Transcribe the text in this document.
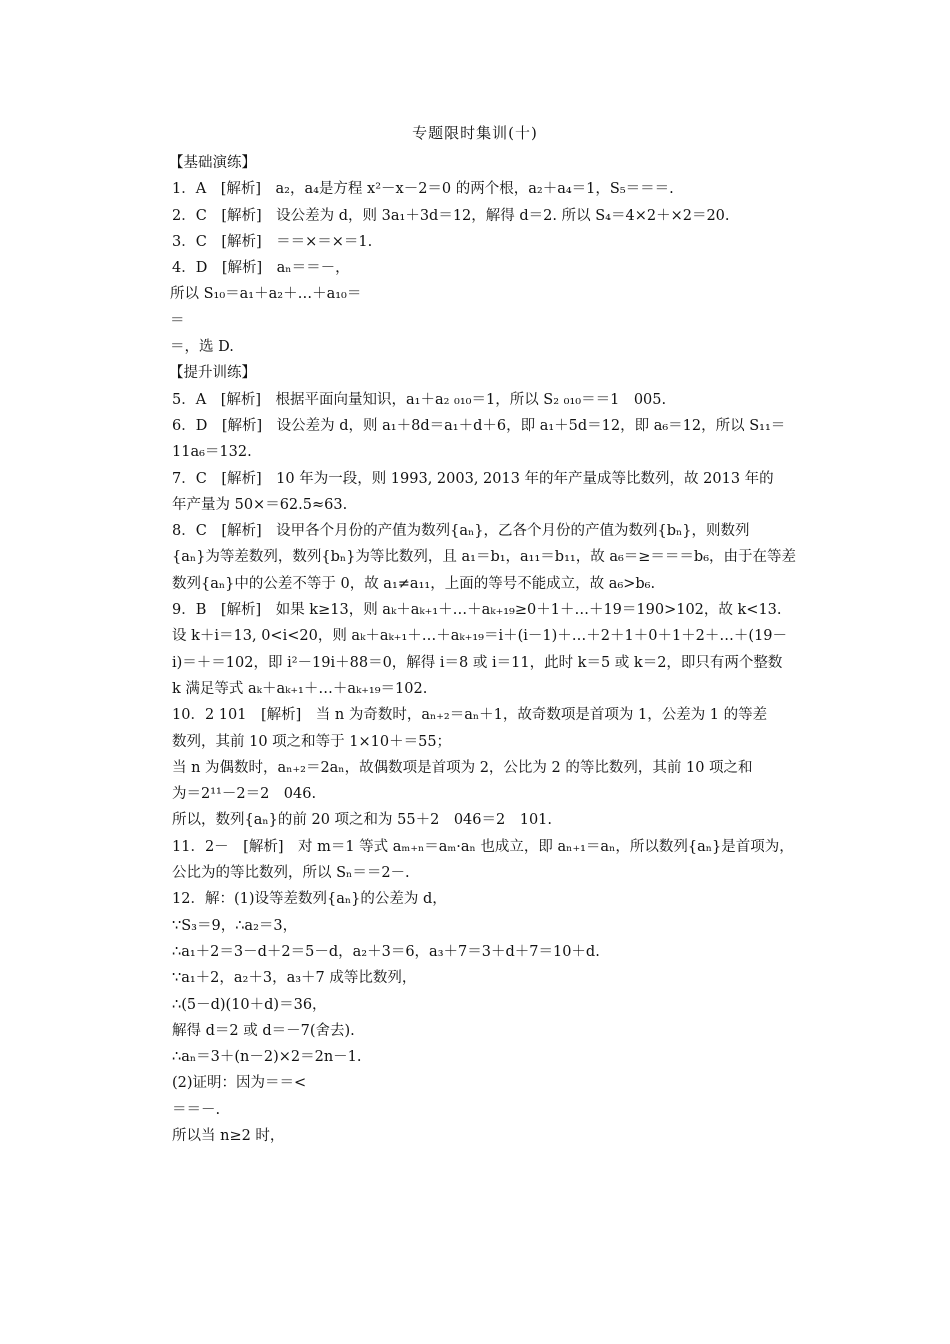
专题限时集训(十)
【基础演练】
1．A　[解析]　a₂，a₄是方程 x²－x－2＝0 的两个根，a₂＋a₄＝1，S₅＝＝＝.
2．C　[解析]　设公差为 d，则 3a₁＋3d＝12，解得 d＝2. 所以 S₄＝4×2＋×2＝20.
3．C　[解析]　＝＝×＝×＝1.
4．D　[解析]　aₙ＝＝－，
所以 S₁₀＝a₁＋a₂＋…＋a₁₀＝
＝
＝，选 D.
【提升训练】
5．A　[解析]　根据平面向量知识，a₁＋a₂ ₀₁₀＝1，所以 S₂ ₀₁₀＝＝1　005.
6．D　[解析]　设公差为 d，则 a₁＋8d＝a₁＋d＋6，即 a₁＋5d＝12，即 a₆＝12，所以 S₁₁＝
11a₆＝132.
7．C　[解析]　10 年为一段，则 1993, 2003, 2013 年的年产量成等比数列，故 2013 年的
年产量为 50×＝62.5≈63.
8．C　[解析]　设甲各个月份的产值为数列{aₙ}，乙各个月份的产值为数列{bₙ}，则数列
{aₙ}为等差数列，数列{bₙ}为等比数列，且 a₁＝b₁，a₁₁＝b₁₁，故 a₆＝≥＝＝＝b₆，由于在等差
数列{aₙ}中的公差不等于 0，故 a₁≠a₁₁，上面的等号不能成立，故 a₆>b₆.
9．B　[解析]　如果 k≥13，则 aₖ＋aₖ₊₁＋…＋aₖ₊₁₉≥0＋1＋…＋19＝190>102，故 k<13.
设 k＋i＝13, 0<i<20，则 aₖ＋aₖ₊₁＋…＋aₖ₊₁₉＝i＋(i－1)＋…＋2＋1＋0＋1＋2＋…＋(19－
i)＝＋＝102，即 i²－19i＋88＝0，解得 i＝8 或 i＝11，此时 k＝5 或 k＝2，即只有两个整数
k 满足等式 aₖ＋aₖ₊₁＋…＋aₖ₊₁₉＝102.
10．2 101　[解析]　当 n 为奇数时，aₙ₊₂＝aₙ＋1，故奇数项是首项为 1，公差为 1 的等差
数列，其前 10 项之和等于 1×10＋＝55；
当 n 为偶数时，aₙ₊₂＝2aₙ，故偶数项是首项为 2，公比为 2 的等比数列，其前 10 项之和
为＝2¹¹－2＝2　046.
所以，数列{aₙ}的前 20 项之和为 55＋2　046＝2　101.
11．2－　[解析]　对 m＝1 等式 aₘ₊ₙ＝aₘ·aₙ 也成立，即 aₙ₊₁＝aₙ，所以数列{aₙ}是首项为，
公比为的等比数列，所以 Sₙ＝＝2－.
12．解：(1)设等差数列{aₙ}的公差为 d，
∵S₃＝9，∴a₂＝3，
∴a₁＋2＝3－d＋2＝5－d，a₂＋3＝6，a₃＋7＝3＋d＋7＝10＋d.
∵a₁＋2，a₂＋3，a₃＋7 成等比数列，
∴(5－d)(10＋d)＝36，
解得 d＝2 或 d＝－7(舍去).
∴aₙ＝3＋(n－2)×2＝2n－1.
(2)证明：因为＝＝<
＝＝－.
所以当 n≥2 时，
